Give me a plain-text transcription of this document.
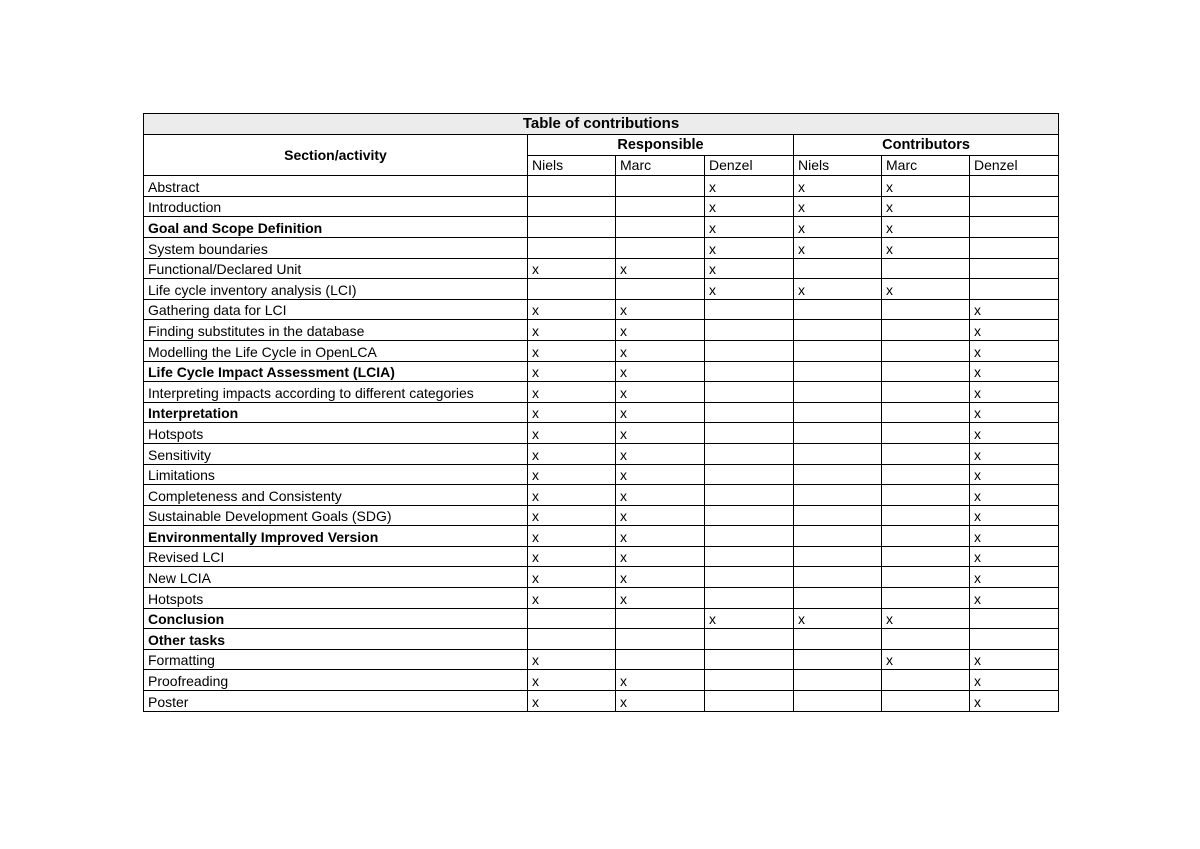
Table of contributions						
Section/activity	Responsible			Contributors		
	Niels	Marc	Denzel	Niels	Marc	Denzel
Abstract			x	x	x	
Introduction			x	x	x	
Goal and Scope Definition			x	x	x	
System boundaries			x	x	x	
Functional/Declared Unit	x	x	x			
Life cycle inventory analysis (LCI)			x	x	x	
Gathering data for LCI	x	x				x
Finding substitutes in the database	x	x				x
Modelling the Life Cycle in OpenLCA	x	x				x
Life Cycle Impact Assessment (LCIA)	x	x				x
Interpreting impacts according to different categories	x	x				x
Interpretation	x	x				x
Hotspots	x	x				x
Sensitivity	x	x				x
Limitations	x	x				x
Completeness and Consistenty	x	x				x
Sustainable Development Goals (SDG)	x	x				x
Environmentally Improved Version	x	x				x
Revised LCI	x	x				x
New LCIA	x	x				x
Hotspots	x	x				x
Conclusion			x	x	x	
Other tasks						
Formatting	x				x	x
Proofreading	x	x				x
Poster	x	x				x
